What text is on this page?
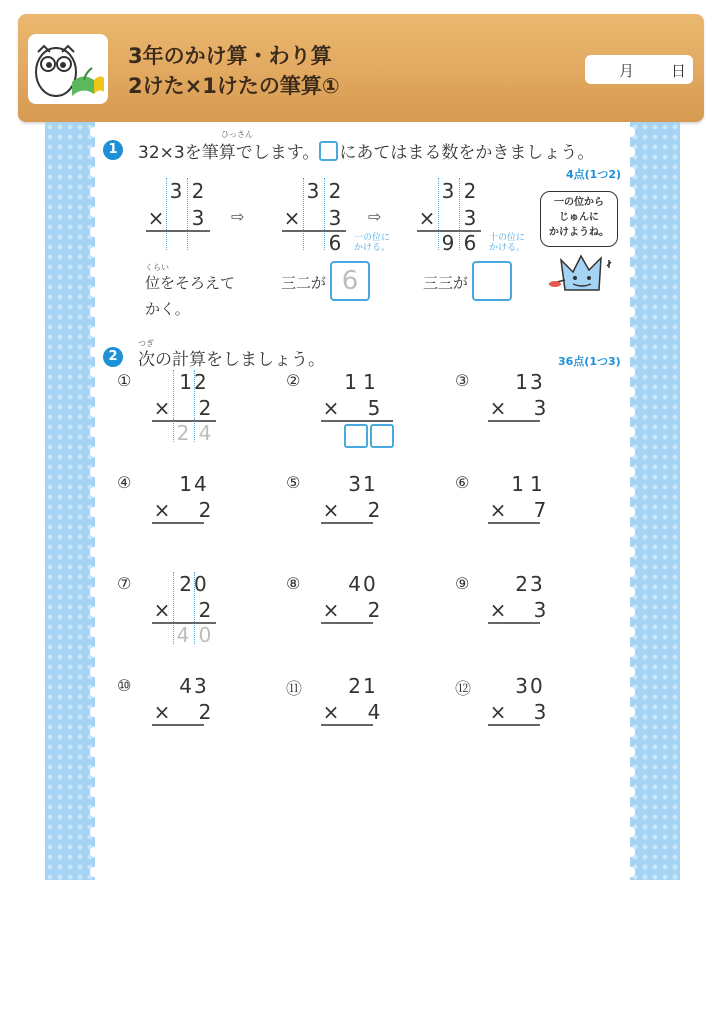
3年のかけ算・わり算
2けた×1けたの筆算①
月 日
1	32×3を筆算でします。 にあてはまる数をかきましょう。
ひっさん
4点(1つ2)
3 2
× 3 ⇨
3 2
× 3
6	一の位に
かける。
⇨
3 2
× 3
9 6	十の位に
かける。
くらい
位をそろえて
かく。
三二が 6	三三が
一の位から
じゅんに
かけようね。
2
つぎ
次の計算をしましょう。	36点(1つ3)
①	12
× 2
2 4
② 11
× 5
③	13
× 3
④	14
× 2
⑤	31
× 2
⑥ 11
× 7
⑦	20
× 2
4 0
⑧	40
× 2
⑨	23
× 3
⑩	43
× 2
⑪	21
× 4
⑫	30
× 3
